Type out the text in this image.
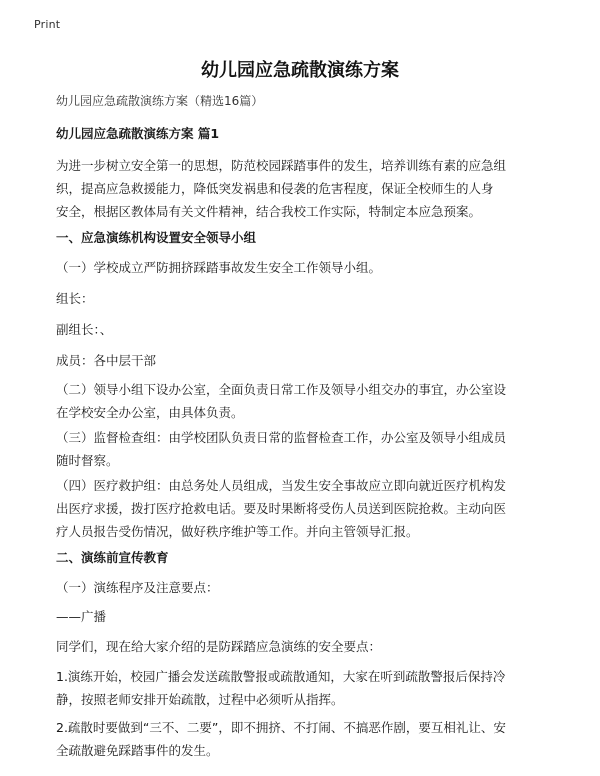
Print
幼儿园应急疏散演练方案
幼儿园应急疏散演练方案（精选16篇）
幼儿园应急疏散演练方案 篇1
为进一步树立安全第一的思想，防范校园踩踏事件的发生，培养训练有素的应急组
织，提高应急救援能力，降低突发祸患和侵袭的危害程度，保证全校师生的人身
安全，根据区教体局有关文件精神，结合我校工作实际，特制定本应急预案。
一、应急演练机构设置安全领导小组
（一）学校成立严防拥挤踩踏事故发生安全工作领导小组。
组长：
副组长：、
成员：各中层干部
（二）领导小组下设办公室，全面负责日常工作及领导小组交办的事宜，办公室设
在学校安全办公室，由具体负责。
（三）监督检查组：由学校团队负责日常的监督检查工作，办公室及领导小组成员
随时督察。
（四）医疗救护组：由总务处人员组成，当发生安全事故应立即向就近医疗机构发
出医疗求援，拨打医疗抢救电话。要及时果断将受伤人员送到医院抢救。主动向医
疗人员报告受伤情况，做好秩序维护等工作。并向主管领导汇报。
二、演练前宣传教育
（一）演练程序及注意要点：
——广播
同学们，现在给大家介绍的是防踩踏应急演练的安全要点：
1.演练开始，校园广播会发送疏散警报或疏散通知，大家在听到疏散警报后保持冷
静，按照老师安排开始疏散，过程中必须听从指挥。
2.疏散时要做到“三不、二要”，即不拥挤、不打闹、不搞恶作剧，要互相礼让、安
全疏散避免踩踏事件的发生。
